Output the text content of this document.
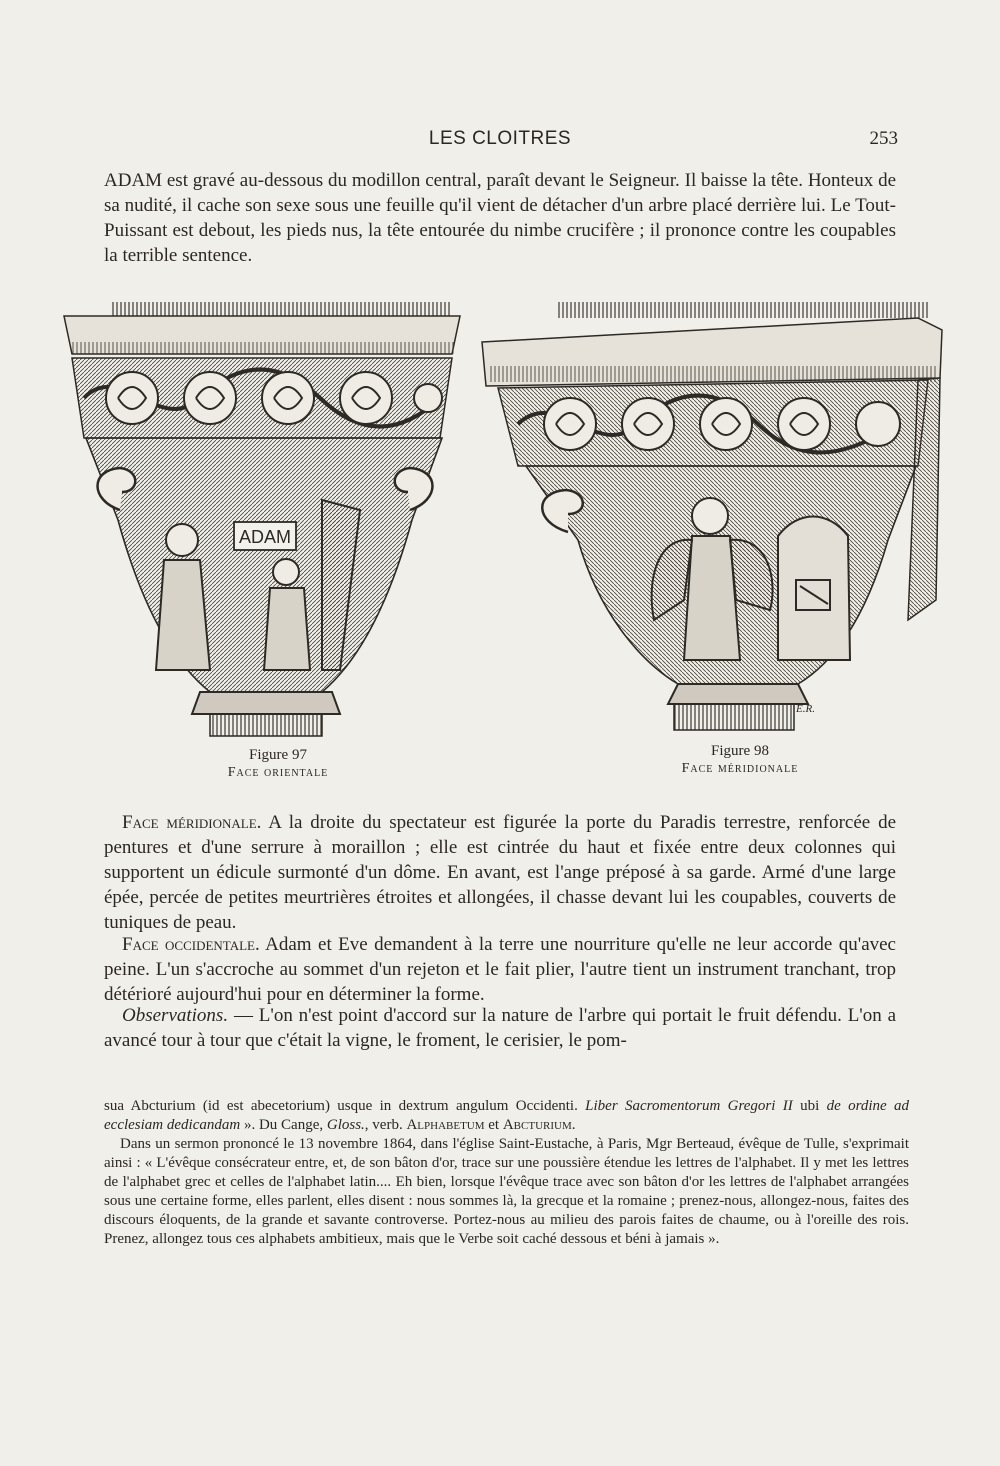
LES CLOITRES	253

ADAM est gravé au-dessous du modillon central, paraît devant le Seigneur. Il baisse la tête. Honteux de sa nudité, il cache son sexe sous une feuille qu'il vient de détacher d'un arbre placé derrière lui. Le Tout-Puissant est debout, les pieds nus, la tête entourée du nimbe crucifère ; il prononce contre les coupables la terrible sentence.

ADAM
Figure 97
Face orientale
E.R.
Figure 98
Face méridionale

Face méridionale. A la droite du spectateur est figurée la porte du Paradis terrestre, renforcée de pentures et d'une serrure à moraillon ; elle est cintrée du haut et fixée entre deux colonnes qui supportent un édicule surmonté d'un dôme. En avant, est l'ange préposé à sa garde. Armé d'une large épée, percée de petites meurtrières étroites et allongées, il chasse devant lui les coupables, couverts de tuniques de peau.

Face occidentale. Adam et Eve demandent à la terre une nourriture qu'elle ne leur accorde qu'avec peine. L'un s'accroche au sommet d'un rejeton et le fait plier, l'autre tient un instrument tranchant, trop détérioré aujourd'hui pour en déterminer la forme.

Observations. — L'on n'est point d'accord sur la nature de l'arbre qui portait le fruit défendu. L'on a avancé tour à tour que c'était la vigne, le froment, le cerisier, le pom-

sua Abcturium (id est abecetorium) usque in dextrum angulum Occidenti. Liber Sacromentorum Gregori II ubi de ordine ad ecclesiam dedicandam ». Du Cange, Gloss., verb. Alphabetum et Abcturium.

Dans un sermon prononcé le 13 novembre 1864, dans l'église Saint-Eustache, à Paris, Mgr Berteaud, évêque de Tulle, s'exprimait ainsi : « L'évêque consécrateur entre, et, de son bâton d'or, trace sur une poussière étendue les lettres de l'alphabet. Il y met les lettres de l'alphabet grec et celles de l'alphabet latin.... Eh bien, lorsque l'évêque trace avec son bâton d'or les lettres de l'alphabet arrangées sous une certaine forme, elles parlent, elles disent : nous sommes là, la grecque et la romaine ; prenez-nous, allongez-nous, faites des discours éloquents, de la grande et savante controverse. Portez-nous au milieu des parois faites de chaume, ou à l'oreille des rois. Prenez, allongez tous ces alphabets ambitieux, mais que le Verbe soit caché dessous et béni à jamais ».
